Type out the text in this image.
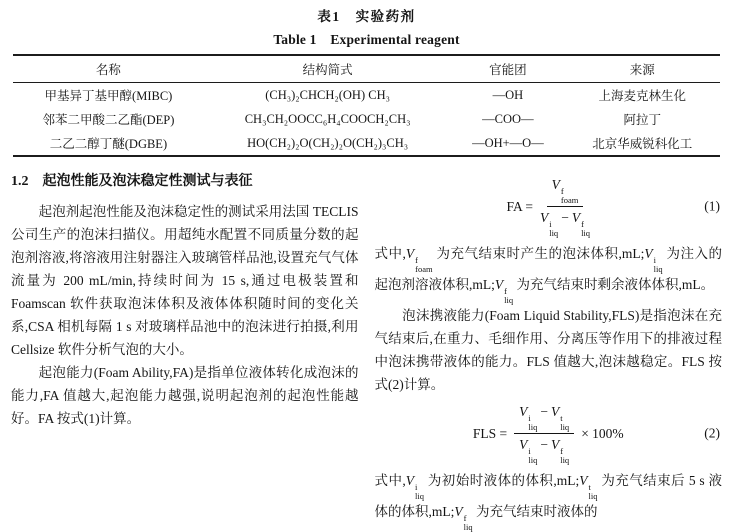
表1　实验药剂
Table 1　Experimental reagent
名称	结构简式	官能团	来源
甲基异丁基甲醇(MIBC)	(CH₃)₂CHCH₂(OH) CH₃	—OH	上海麦克林生化
邻苯二甲酸二乙酯(DEP)	CH₃CH₂OOCC₆H₄COOCH₂CH₃	—COO—	阿拉丁
二乙二醇丁醚(DGBE)	HO(CH₂)₂O(CH₂)₂O(CH₂)₃CH₃	—OH+—O—	北京华威锐科化工
1.2 起泡性能及泡沫稳定性测试与表征

起泡剂起泡性能及泡沫稳定性的测试采用法国 TECLIS 公司生产的泡沫扫描仪。用超纯水配置不同质量分数的起泡剂溶液,将溶液用注射器注入玻璃管样品池,设置充气气体流量为 200 mL/min,持续时间为 15 s,通过电极装置和 Foamscan 软件获取泡沫体积及液体体积随时间的变化关系,CSA 相机每隔 1 s 对玻璃样品池中的泡沫进行拍摄,利用 Cellsize 软件分析气泡的大小。

起泡能力(Foam Ability,FA)是指单位液体转化成泡沫的能力,FA 值越大,起泡能力越强,说明起泡剂的起泡性能越好。FA 按式(1)计算。

FA = V f
foam
V i
liq
− V f
liq	(1)

式中,V f
foam
为充气结束时产生的泡沫体积,mL;V i
liq
为注入的起泡剂溶液体积,mL;V f
liq
为充气结束时剩余液体体积,mL。

泡沫携液能力(Foam Liquid Stability,FLS)是指泡沫在充气结束后,在重力、毛细作用、分离压等作用下的排液过程中泡沫携带液体的能力。FLS 值越大,泡沫越稳定。FLS 按式(2)计算。

FLS = V i
liq
− V t
liq
V i
liq
− V f
liq × 100%	(2)

式中,V i
liq
为初始时液体的体积,mL;V t
liq
为充气结束后 5 s 液体的体积,mL;V f
liq
为充气结束时液体的
